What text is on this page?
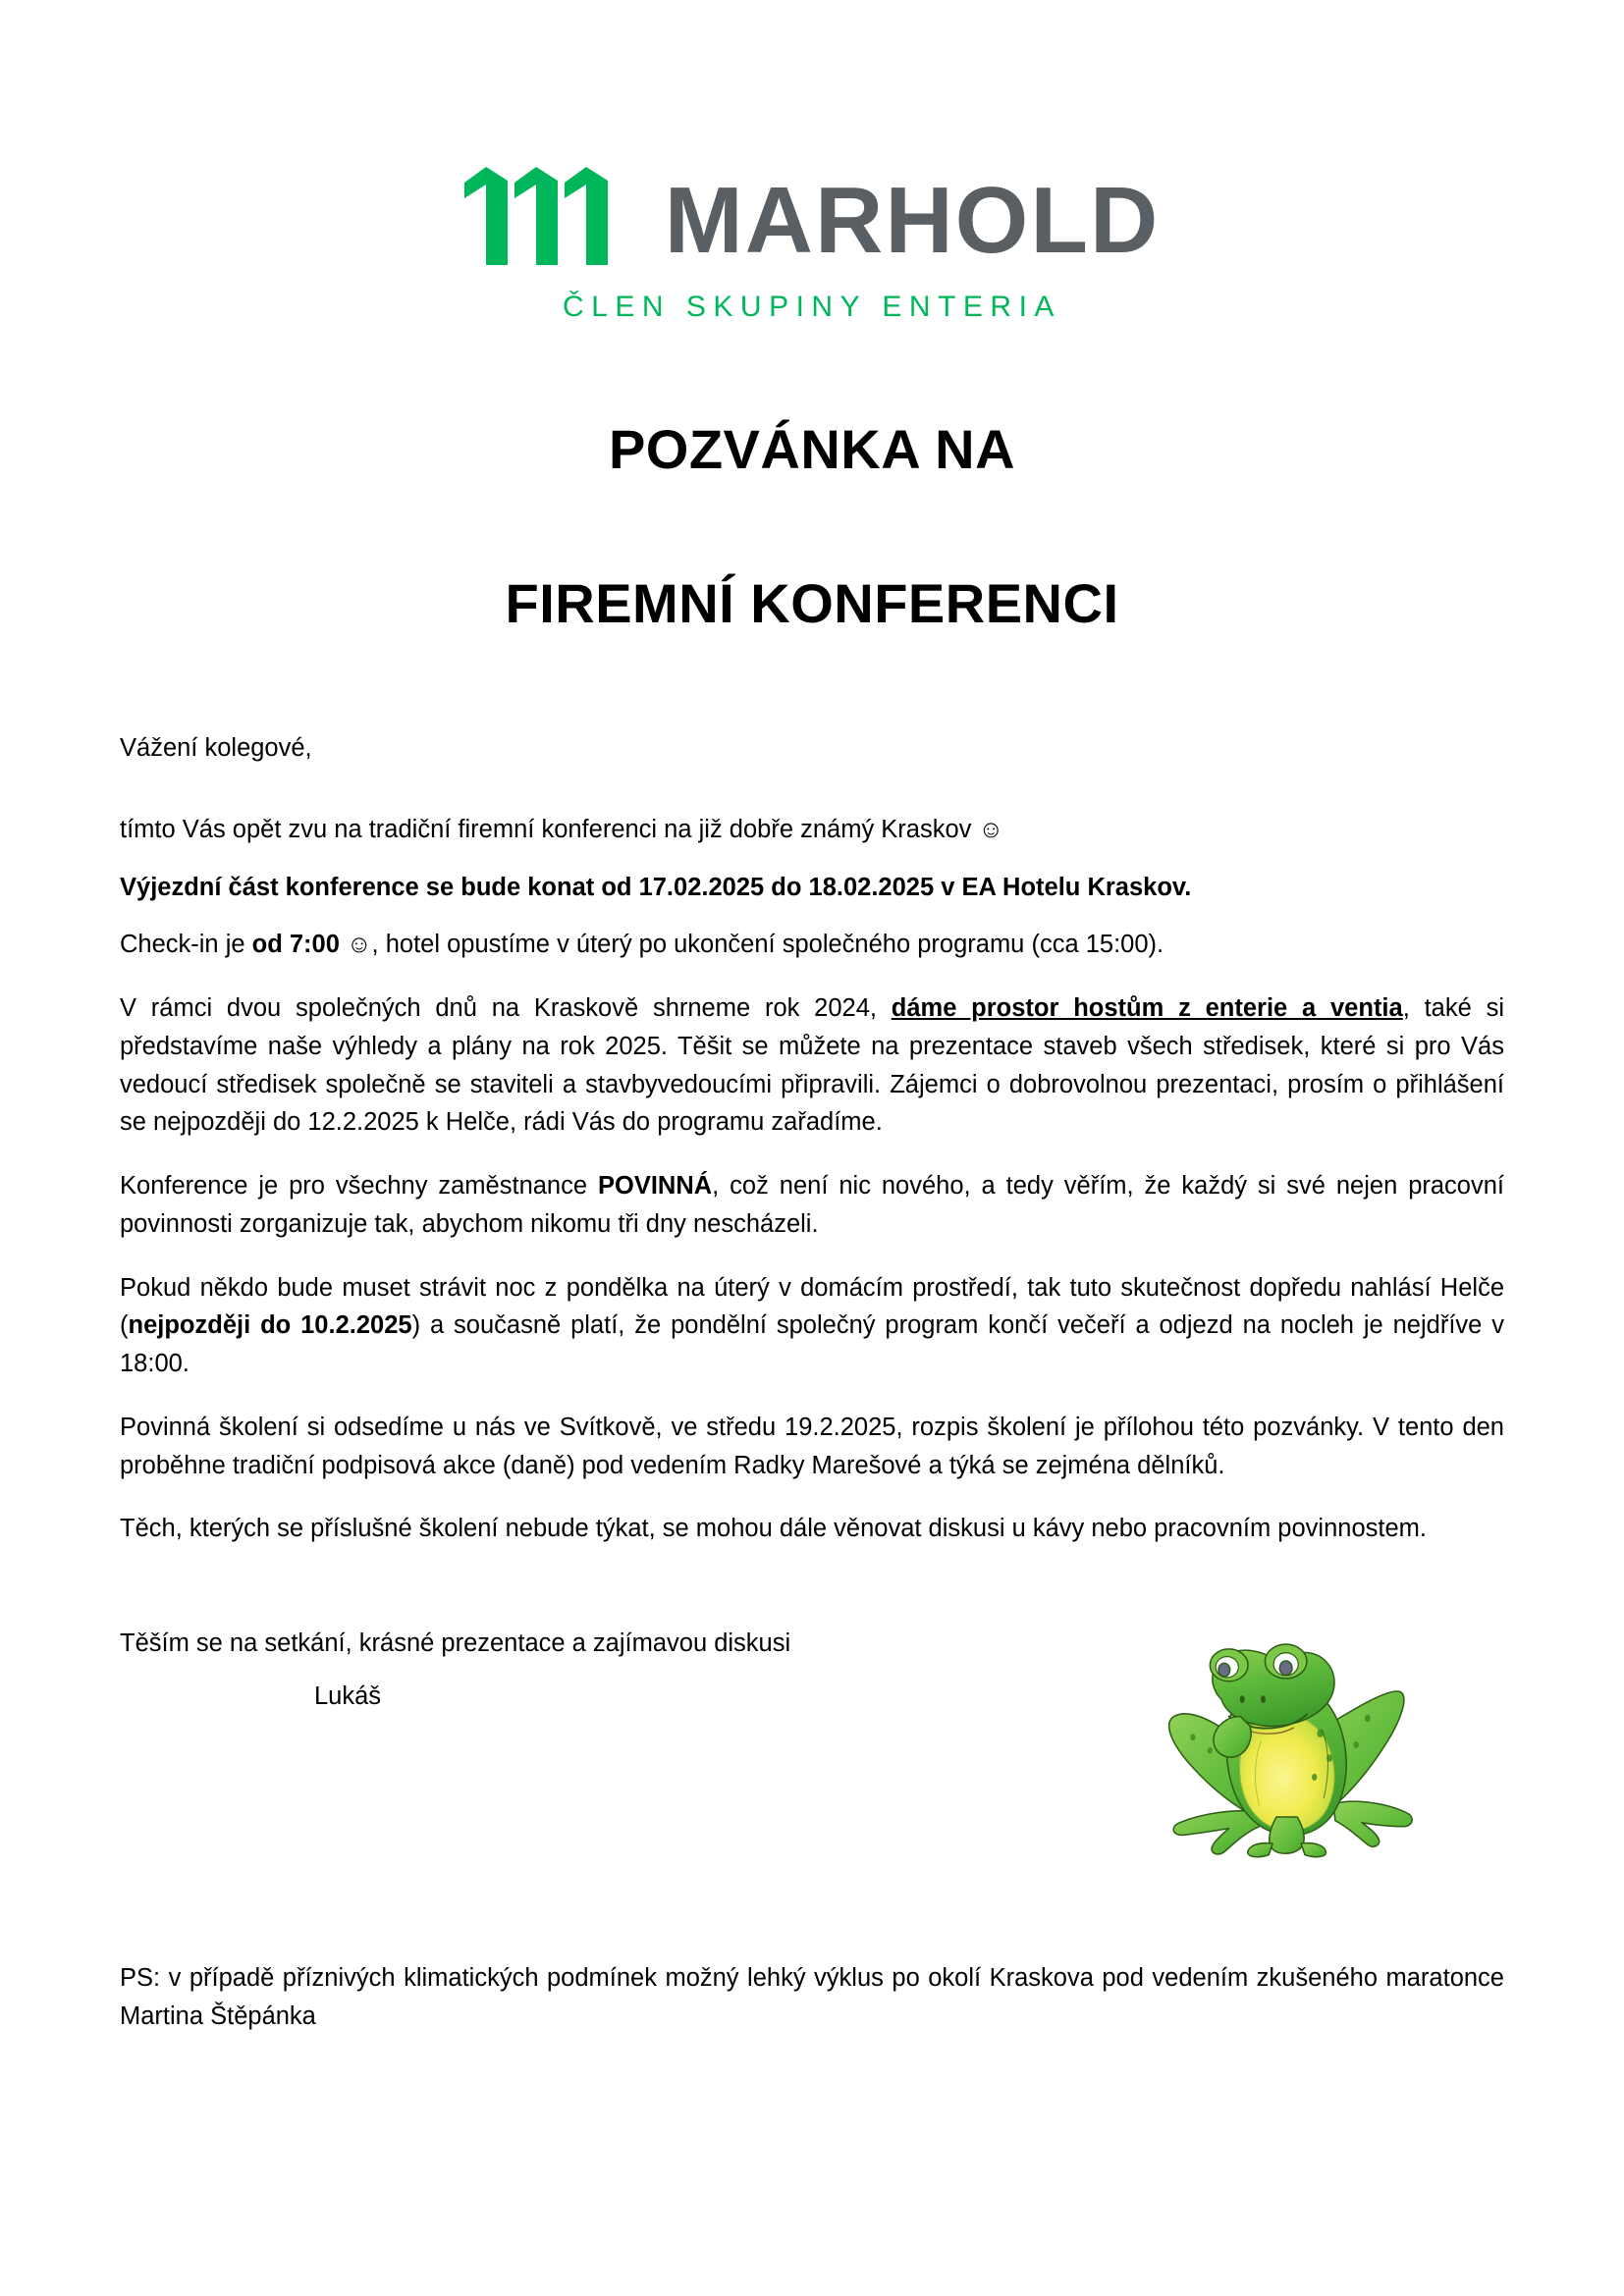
MARHOLD
ČLEN SKUPINY ENTERIA
POZVÁNKA NA
FIREMNÍ KONFERENCI

Vážení kolegové,

tímto Vás opět zvu na tradiční firemní konferenci na již dobře známý Kraskov ☺

Výjezdní část konference se bude konat od 17.02.2025 do 18.02.2025 v EA Hotelu Kraskov.

Check-in je od 7:00 ☺, hotel opustíme v úterý po ukončení společného programu (cca 15:00).

V rámci dvou společných dnů na Kraskově shrneme rok 2024, dáme prostor hostům z enterie a ventia, také si představíme naše výhledy a plány na rok 2025. Těšit se můžete na prezentace staveb všech středisek, které si pro Vás vedoucí středisek společně se staviteli a stavbyvedoucími připravili. Zájemci o dobrovolnou prezentaci, prosím o přihlášení se nejpozději do 12.2.2025 k Helče, rádi Vás do programu zařadíme.

Konference je pro všechny zaměstnance POVINNÁ, což není nic nového, a tedy věřím, že každý si své nejen pracovní povinnosti zorganizuje tak, abychom nikomu tři dny nescházeli.

Pokud někdo bude muset strávit noc z pondělka na úterý v domácím prostředí, tak tuto skutečnost dopředu nahlásí Helče (nejpozději do 10.2.2025) a současně platí, že pondělní společný program končí večeří a odjezd na nocleh je nejdříve v 18:00.

Povinná školení si odsedíme u nás ve Svítkově, ve středu 19.2.2025, rozpis školení je přílohou této pozvánky. V tento den proběhne tradiční podpisová akce (daně) pod vedením Radky Marešové a týká se zejména dělníků.

Těch, kterých se příslušné školení nebude týkat, se mohou dále věnovat diskusi u kávy nebo pracovním povinnostem.

Těším se na setkání, krásné prezentace a zajímavou diskusi

Lukáš

PS: v případě příznivých klimatických podmínek možný lehký výklus po okolí Kraskova pod vedením zkušeného maratonce Martina Štěpánka
